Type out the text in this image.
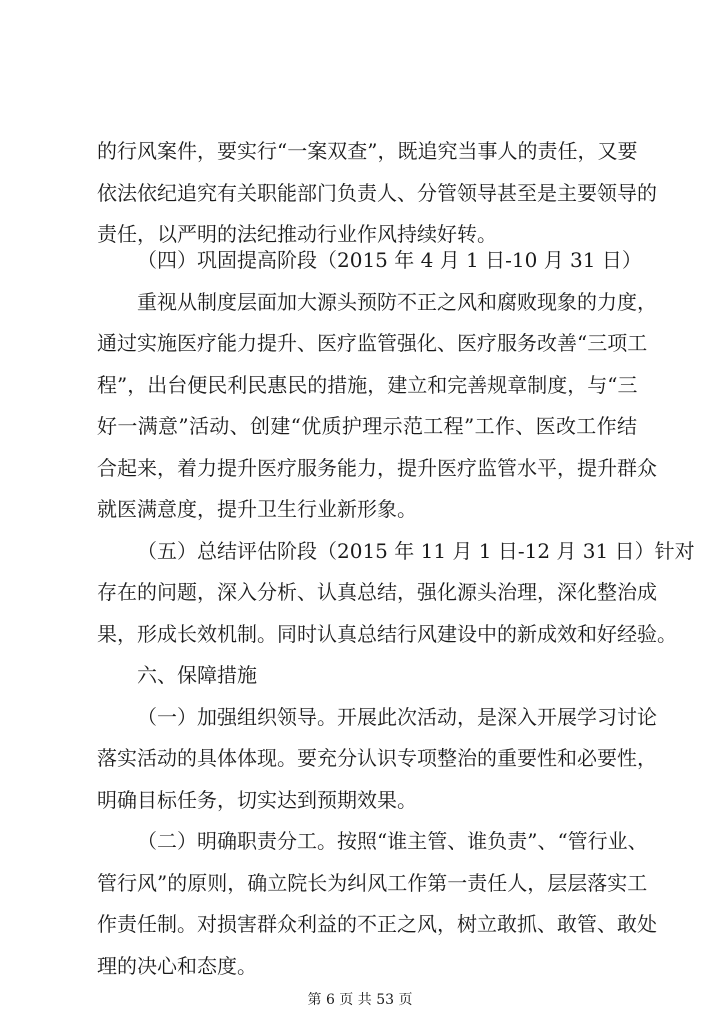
的行风案件，要实行“一案双查”，既追究当事人的责任，又要
依法依纪追究有关职能部门负责人、分管领导甚至是主要领导的
责任，以严明的法纪推动行业作风持续好转。
（四）巩固提高阶段（2015 年 4 月 1 日-10 月 31 日）
重视从制度层面加大源头预防不正之风和腐败现象的力度，
通过实施医疗能力提升、医疗监管强化、医疗服务改善“三项工
程”，出台便民利民惠民的措施，建立和完善规章制度，与“三
好一满意”活动、创建“优质护理示范工程”工作、医改工作结
合起来，着力提升医疗服务能力，提升医疗监管水平，提升群众
就医满意度，提升卫生行业新形象。
（五）总结评估阶段（2015 年 11 月 1 日-12 月 31 日）针对
存在的问题，深入分析、认真总结，强化源头治理，深化整治成
果，形成长效机制。同时认真总结行风建设中的新成效和好经验。
六、保障措施
（一）加强组织领导。开展此次活动，是深入开展学习讨论
落实活动的具体体现。要充分认识专项整治的重要性和必要性，
明确目标任务，切实达到预期效果。
（二）明确职责分工。按照“谁主管、谁负责”、“管行业、
管行风”的原则，确立院长为纠风工作第一责任人，层层落实工
作责任制。对损害群众利益的不正之风，树立敢抓、敢管、敢处
理的决心和态度。
第 6 页 共 53 页
